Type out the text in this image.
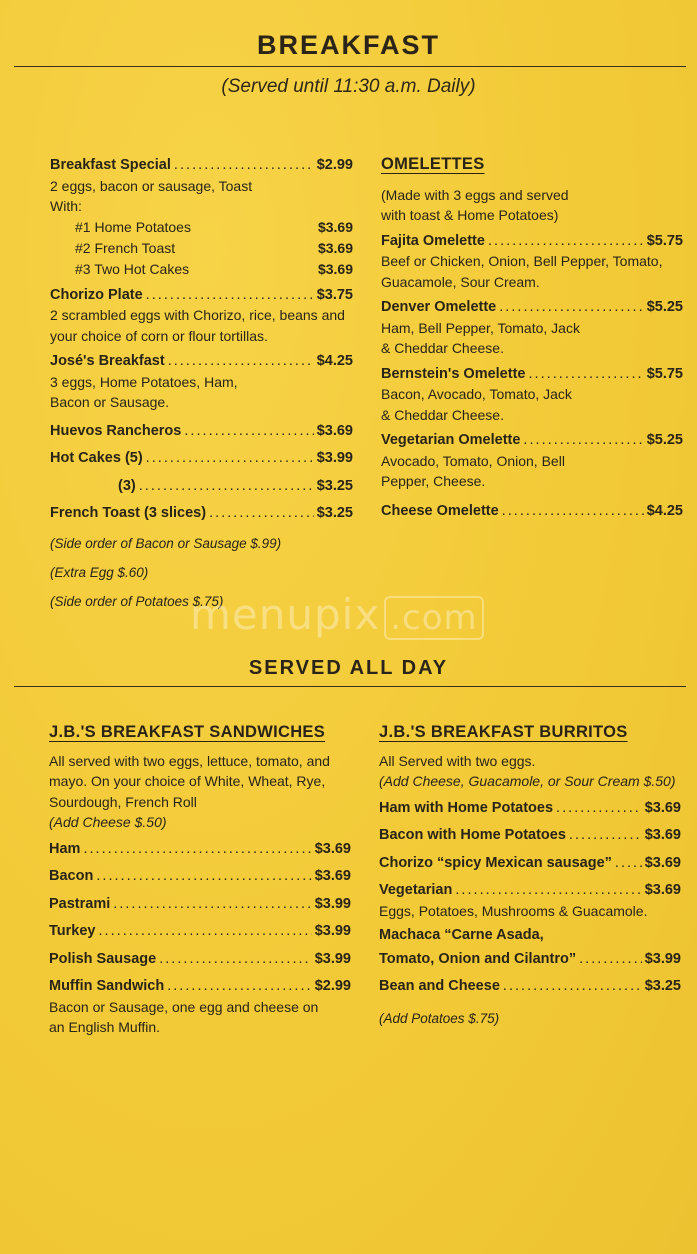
BREAKFAST
(Served until 11:30 a.m. Daily)
Breakfast Special . . .	$2.99
2 eggs, bacon or sausage, Toast
With:
#1 Home Potatoes	$3.69
#2 French Toast	$3.69
#3 Two Hot Cakes	$3.69
Chorizo Plate . . .	$3.75
2 scrambled eggs with Chorizo, rice, beans and your choice of corn or flour tortillas.
José's Breakfast . . .	$4.25
3 eggs, Home Potatoes, Ham,
Bacon or Sausage.
Huevos Rancheros . . .	$3.69
Hot Cakes (5) . . .	$3.99
(3) . . .	$3.25
French Toast (3 slices) . . .	$3.25
(Side order of Bacon or Sausage $.99)
(Extra Egg $.60)
(Side order of Potatoes $.75)
OMELETTES
(Made with 3 eggs and served
with toast & Home Potatoes)
Fajita Omelette . . .	$5.75
Beef or Chicken, Onion, Bell Pepper, Tomato, Guacamole, Sour Cream.
Denver Omelette . . .	$5.25
Ham, Bell Pepper, Tomato, Jack & Cheddar Cheese.
Bernstein's Omelette . . .	$5.75
Bacon, Avocado, Tomato, Jack & Cheddar Cheese.
Vegetarian Omelette . . .	$5.25
Avocado, Tomato, Onion, Bell Pepper, Cheese.
Cheese Omelette . . .	$4.25
menupix .com
SERVED ALL DAY
J.B.'S BREAKFAST SANDWICHES
All served with two eggs, lettuce, tomato, and mayo. On your choice of White, Wheat, Rye, Sourdough, French Roll
(Add Cheese $.50)
Ham . . .	$3.69
Bacon . . .	$3.69
Pastrami . . .	$3.99
Turkey . . .	$3.99
Polish Sausage . . .	$3.99
Muffin Sandwich . . .	$2.99
Bacon or Sausage, one egg and cheese on an English Muffin.
J.B.'S BREAKFAST BURRITOS
All Served with two eggs.
(Add Cheese, Guacamole, or Sour Cream $.50)
Ham with Home Potatoes . . .	$3.69
Bacon with Home Potatoes . . .	$3.69
Chorizo “spicy Mexican sausage” . . . $3.69
Vegetarian . . .	$3.69
Eggs, Potatoes, Mushrooms & Guacamole.
Machaca “Carne Asada,
Tomato, Onion and Cilantro” . . .	$3.99
Bean and Cheese . . .	$3.25
(Add Potatoes $.75)
